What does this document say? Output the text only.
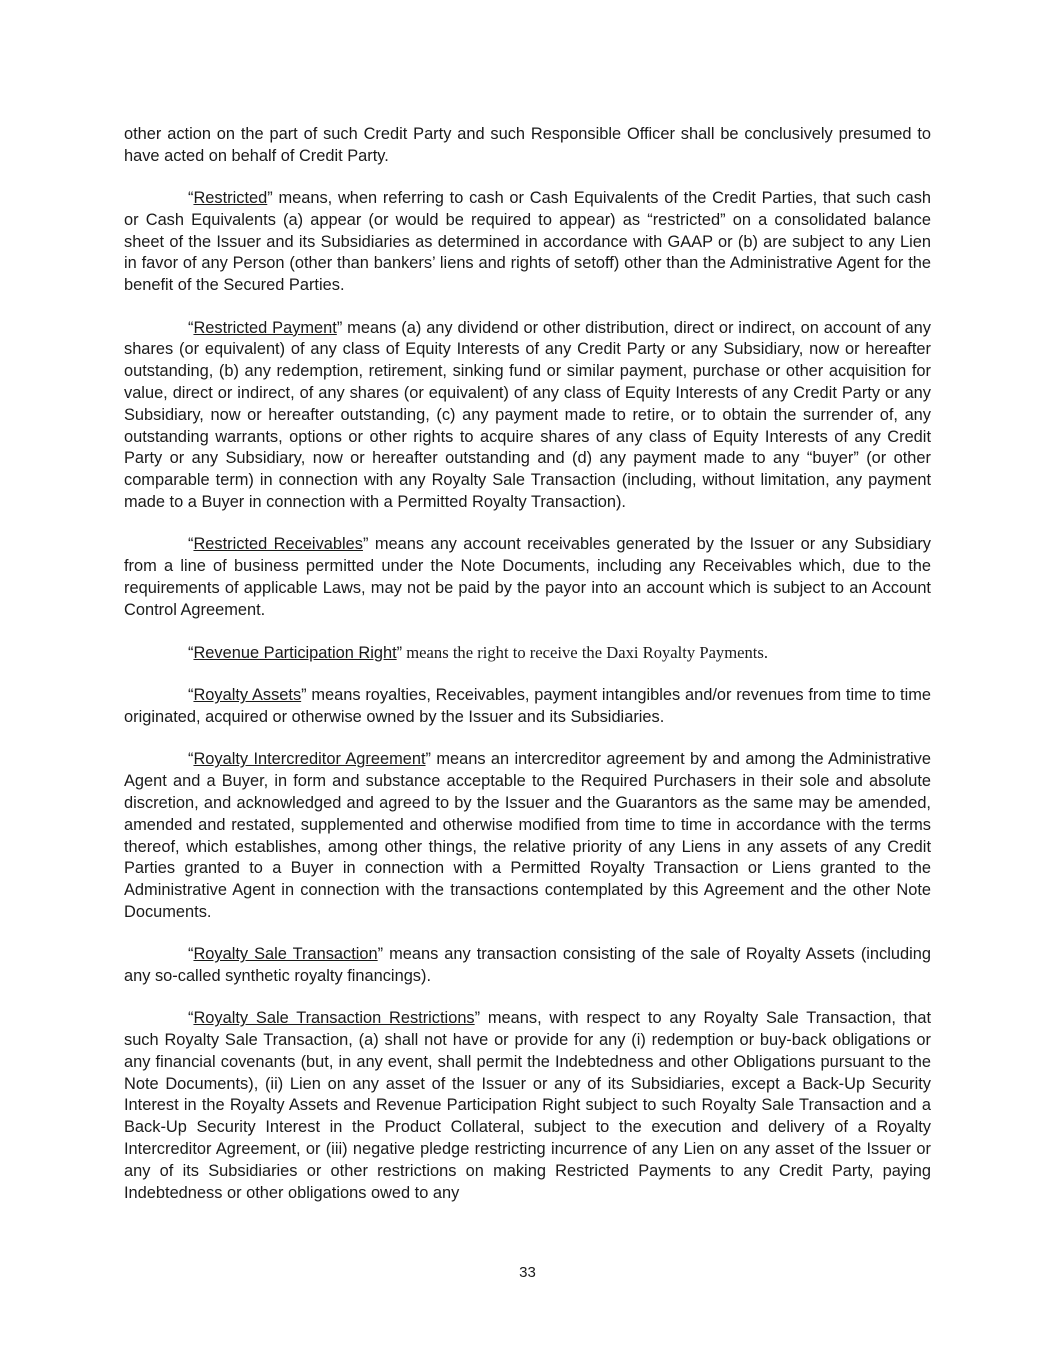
other action on the part of such Credit Party and such Responsible Officer shall be conclusively presumed to have acted on behalf of Credit Party.

“Restricted” means, when referring to cash or Cash Equivalents of the Credit Parties, that such cash or Cash Equivalents (a) appear (or would be required to appear) as “restricted” on a consolidated balance sheet of the Issuer and its Subsidiaries as determined in accordance with GAAP or (b) are subject to any Lien in favor of any Person (other than bankers’ liens and rights of setoff) other than the Administrative Agent for the benefit of the Secured Parties.

“Restricted Payment” means (a) any dividend or other distribution, direct or indirect, on account of any shares (or equivalent) of any class of Equity Interests of any Credit Party or any Subsidiary, now or hereafter outstanding, (b) any redemption, retirement, sinking fund or similar payment, purchase or other acquisition for value, direct or indirect, of any shares (or equivalent) of any class of Equity Interests of any Credit Party or any Subsidiary, now or hereafter outstanding, (c) any payment made to retire, or to obtain the surrender of, any outstanding warrants, options or other rights to acquire shares of any class of Equity Interests of any Credit Party or any Subsidiary, now or hereafter outstanding and (d) any payment made to any “buyer” (or other comparable term) in connection with any Royalty Sale Transaction (including, without limitation, any payment made to a Buyer in connection with a Permitted Royalty Transaction).

“Restricted Receivables” means any account receivables generated by the Issuer or any Subsidiary from a line of business permitted under the Note Documents, including any Receivables which, due to the requirements of applicable Laws, may not be paid by the payor into an account which is subject to an Account Control Agreement.

“Revenue Participation Right” means the right to receive the Daxi Royalty Payments.

“Royalty Assets” means royalties, Receivables, payment intangibles and/or revenues from time to time originated, acquired or otherwise owned by the Issuer and its Subsidiaries.

“Royalty Intercreditor Agreement” means an intercreditor agreement by and among the Administrative Agent and a Buyer, in form and substance acceptable to the Required Purchasers in their sole and absolute discretion, and acknowledged and agreed to by the Issuer and the Guarantors as the same may be amended, amended and restated, supplemented and otherwise modified from time to time in accordance with the terms thereof, which establishes, among other things, the relative priority of any Liens in any assets of any Credit Parties granted to a Buyer in connection with a Permitted Royalty Transaction or Liens granted to the Administrative Agent in connection with the transactions contemplated by this Agreement and the other Note Documents.

“Royalty Sale Transaction” means any transaction consisting of the sale of Royalty Assets (including any so-called synthetic royalty financings).

“Royalty Sale Transaction Restrictions” means, with respect to any Royalty Sale Transaction, that such Royalty Sale Transaction, (a) shall not have or provide for any (i) redemption or buy-back obligations or any financial covenants (but, in any event, shall permit the Indebtedness and other Obligations pursuant to the Note Documents), (ii) Lien on any asset of the Issuer or any of its Subsidiaries, except a Back-Up Security Interest in the Royalty Assets and Revenue Participation Right subject to such Royalty Sale Transaction and a Back-Up Security Interest in the Product Collateral, subject to the execution and delivery of a Royalty Intercreditor Agreement, or (iii) negative pledge restricting incurrence of any Lien on any asset of the Issuer or any of its Subsidiaries or other restrictions on making Restricted Payments to any Credit Party, paying Indebtedness or other obligations owed to any

33
